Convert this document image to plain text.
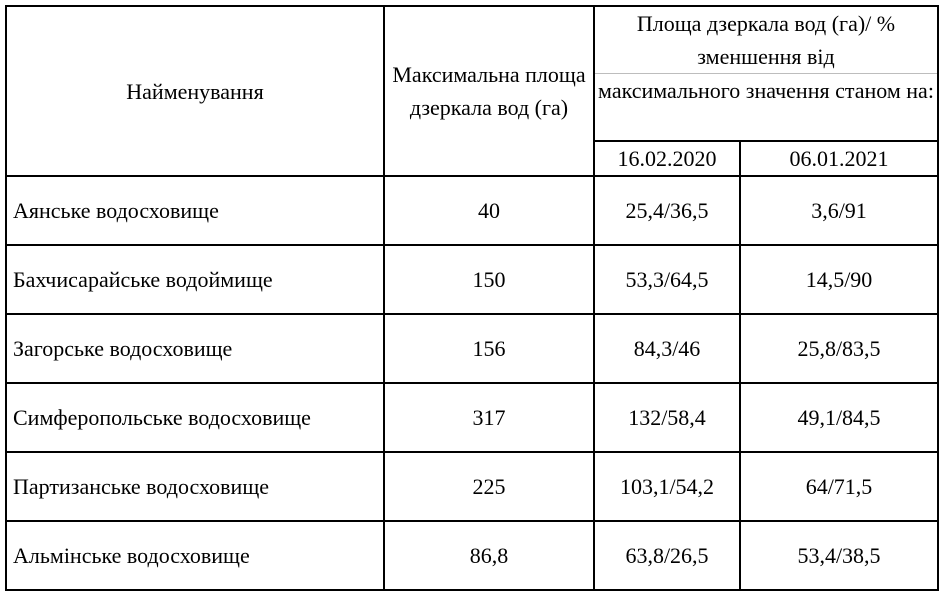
Найменування	Максимальна площа дзеркала вод (га)	Площа дзеркала вод (га)/ % зменшення від	
		максимального значення станом на:	
		16.02.2020	06.01.2021
Аянське водосховище	40	25,4/36,5	3,6/91
Бахчисарайське водоймище	150	53,3/64,5	14,5/90
Загорське водосховище	156	84,3/46	25,8/83,5
Симферопольське водосховище	317	132/58,4	49,1/84,5
Партизанське водосховище	225	103,1/54,2	64/71,5
Альмінське водосховище	86,8	63,8/26,5	53,4/38,5
